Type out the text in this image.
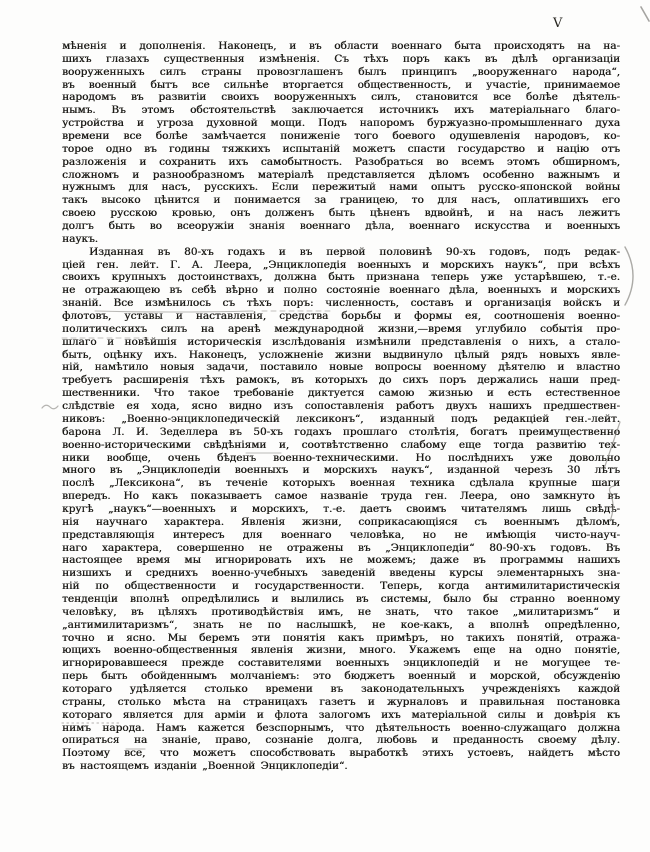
V
мѣненія и дополненія. Наконецъ, и въ области военнаго быта происходятъ на на-
шихъ глазахъ существенныя измѣненія. Съ тѣхъ поръ какъ въ дѣлѣ организаціи
вооруженныхъ силъ страны провозглашенъ былъ принципъ „вооруженнаго народа“,
въ военный бытъ все сильнѣе вторгается общественность, и участіе, принимаемое
народомъ въ развитіи своихъ вооруженныхъ силъ, становится все болѣе дѣятель-
нымъ. Въ этомъ обстоятельствѣ заключается источникъ ихъ матеріальнаго благо-
устройства и угроза духовной мощи. Подъ напоромъ буржуазно-промышленнаго духа
времени все болѣе замѣчается пониженіе того боевого одушевленія народовъ, ко-
торое одно въ годины тяжкихъ испытаній можетъ спасти государство и націю отъ
разложенія и сохранить ихъ самобытность. Разобраться во всемъ этомъ обширномъ,
сложномъ и разнообразномъ матеріалѣ представляется дѣломъ особенно важнымъ и
нужнымъ для насъ, русскихъ. Если пережитый нами опытъ русско-японской войны
такъ высоко цѣнится и понимается за границею, то для насъ, оплатившихъ его
своею русскою кровью, онъ долженъ быть цѣненъ вдвойнѣ, и на насъ лежитъ
долгъ быть во всеоружіи знанія военнаго дѣла, военнаго искусства и военныхъ
наукъ.
Изданная въ 80-хъ годахъ и въ первой половинѣ 90-хъ годовъ, подъ редак-
ціей ген. лейт. Г. А. Леера, „Энциклопедія военныхъ и морскихъ наукъ“, при всѣхъ
своихъ крупныхъ достоинствахъ, должна быть признана теперь уже устарѣвшею, т.-е.
не отражающею въ себѣ вѣрно и полно состояніе военнаго дѣла, военныхъ и морскихъ
знаній. Все измѣнилось съ тѣхъ поръ: численность, составъ и организація войскъ и
флотовъ, уставы и наставленія, средства борьбы и формы ея, соотношенія военно-
политическихъ силъ на аренѣ международной жизни,—время углубило событія про-
шлаго и новѣйшія историческія изслѣдованія измѣнили представленія о нихъ, а стало-
быть, оцѣнку ихъ. Наконецъ, усложненіе жизни выдвинуло цѣлый рядъ новыхъ явле-
ній, намѣтило новыя задачи, поставило новые вопросы военному дѣятелю и властно
требуетъ расширенія тѣхъ рамокъ, въ которыхъ до сихъ поръ держались наши пред-
шественники. Что такое требованіе диктуется самою жизнью и есть естественное
слѣдствіе ея хода, ясно видно изъ сопоставленія работъ двухъ нашихъ предшествен-
никовъ: „Военно-энциклопедическій лексиконъ“, изданный подъ редакціей ген.-лейт.
барона Л. И. Зеделлера въ 50-хъ годахъ прошлаго столѣтія, богатъ преимущественно
военно-историческими свѣдѣніями и, соотвѣтственно слабому еще тогда развитію тех-
ники вообще, очень бѣденъ военно-техническими. Но послѣднихъ уже довольно
много въ „Энциклопедіи военныхъ и морскихъ наукъ“, изданной черезъ 30 лѣтъ
послѣ „Лексикона“, въ теченіе которыхъ военная техника сдѣлала крупные шаги
впередъ. Но какъ показываетъ самое названіе труда ген. Леера, оно замкнуто въ
кругѣ „наукъ“—военныхъ и морскихъ, т.-е. даетъ своимъ читателямъ лишь свѣдѣ-
нія научнаго характера. Явленія жизни, соприкасающіяся съ военнымъ дѣломъ,
представляющія интересъ для военнаго человѣка, но не имѣющія чисто-науч-
наго характера, совершенно не отражены въ „Энциклопедіи“ 80-90-хъ годовъ. Въ
настоящее время мы игнорировать ихъ не можемъ; даже въ программы нашихъ
низшихъ и среднихъ военно-учебныхъ заведеній введены курсы элементарныхъ зна-
ній по общественности и государственности. Теперь, когда антимилитаристическія
тенденціи вполнѣ опредѣлились и вылились въ системы, было бы странно военному
человѣку, въ цѣляхъ противодѣйствія имъ, не знать, что такое „милитаризмъ“ и
„антимилитаризмъ“, знать не по наслышкѣ, не кое-какъ, а вполнѣ опредѣленно,
точно и ясно. Мы беремъ эти понятія какъ примѣръ, но такихъ понятій, отража-
ющихъ военно-общественныя явленія жизни, много. Укажемъ еще на одно понятіе,
игнорировавшееся прежде составителями военныхъ энциклопедій и не могущее те-
перь быть обойденнымъ молчаніемъ: это бюджетъ военный и морской, обсужденію
котораго удѣляется столько времени въ законодательныхъ учрежденіяхъ каждой
страны, столько мѣста на страницахъ газетъ и журналовъ и правильная постановка
котораго является для арміи и флота залогомъ ихъ матеріальной силы и довѣрія къ
нимъ народа. Намъ кажется безспорнымъ, что дѣятельность военно-служащаго должна
опираться на знаніе, право, сознаніе долга, любовь и преданность своему дѣлу.
Поэтому все, что можетъ способствовать выработкѣ этихъ устоевъ, найдетъ мѣсто
въ настоящемъ изданіи „Военной Энциклопедіи“.
